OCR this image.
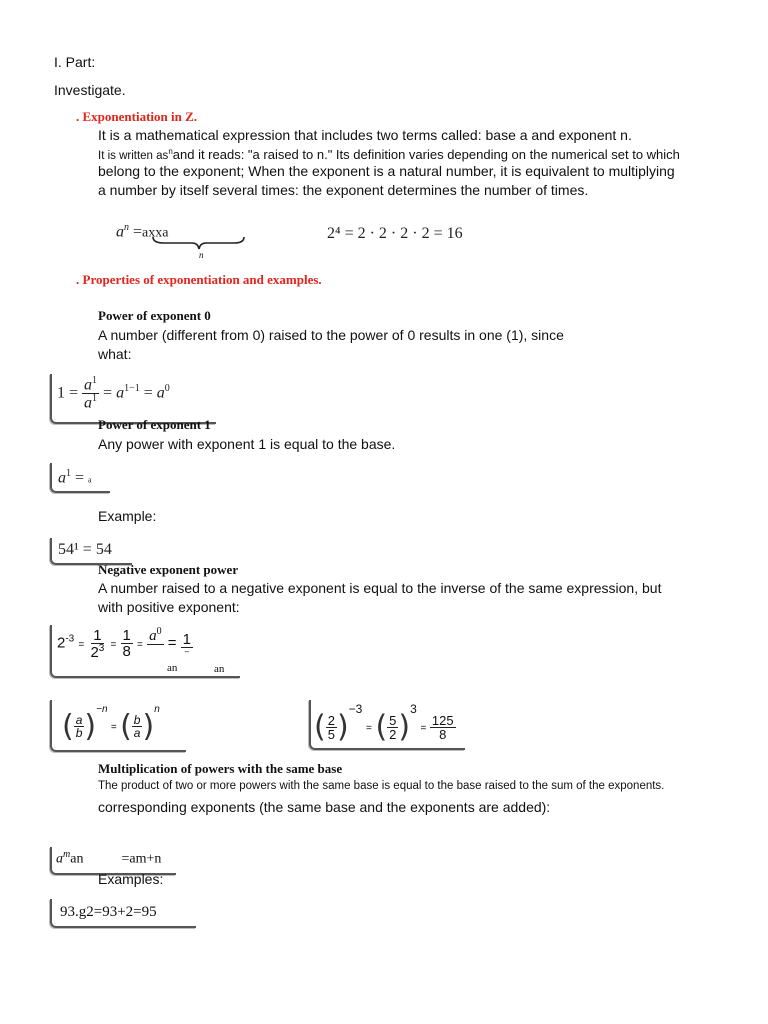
I. Part:
Investigate.
. Exponentiation in Z.
It is a mathematical expression that includes two terms called: base a and exponent n.
It is written $as^nand$ it reads: "a raised to n." Its definition varies depending on the numerical set to which
belong to the exponent; When the exponent is a natural number, it is equivalent to multiplying
a number by itself several times: the exponent determines the number of times.
$a^n$ =axxa
n
2⁴ = 2 · 2 · 2 · 2 = 16
. Properties of exponentiation and examples.
Power of exponent 0
A number (different from 0) raised to the power of 0 results in one (1), since
what:
$1 = \frac{a^1}{a^1} = a^{1-1} = a^0$
Power of exponent 1
Any power with exponent 1 is equal to the base.
$a^1 = a$
Example:
54¹ = 54
Negative exponent power
A number raised to a negative exponent is equal to the inverse of the same expression, but
with positive exponent:
$2^{-3} = \frac{1}{2^3} = \frac{1}{8}$ =
$a^0$
= $\frac{1}{-}$
an	an
( $\frac{a}{b} )^{-n}$ = ( $\frac{b}{a} )^n$
( $\frac{2}{5} )^{-3}$ = ( $\frac{5}{2} )^3 = \frac{125}{8}$
Multiplication of powers with the same base
The product of two or more powers with the same base is equal to the base raised to the sum of the exponents.
corresponding exponents (the same base and the exponents are added):
$a^man$	=am+n
Examples:
93.g2=93+2=95
